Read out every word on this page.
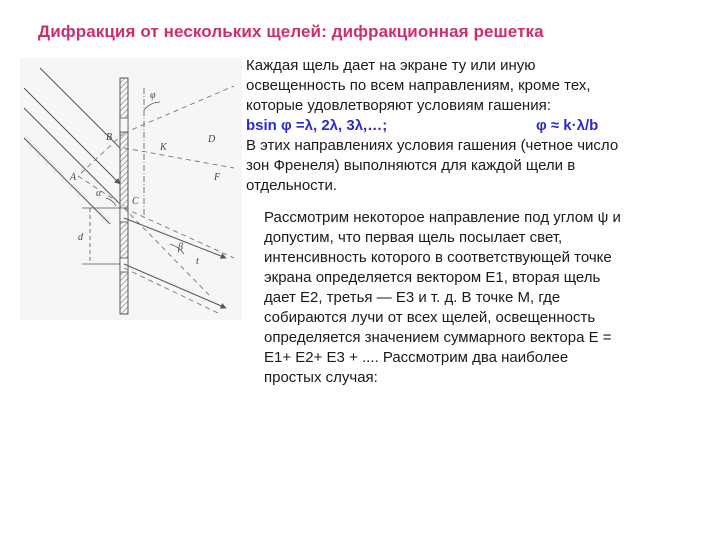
Дифракция от нескольких щелей: дифракционная решетка
B
A
C
D
F
K
t
d
φ
α
β
Каждая щель дает на экране ту или иную
освещенность по всем направлениям, кроме тех,
которые удовлетворяют условиям гашения:
bsin φ =λ, 2λ, 3λ,…;	φ ≈ k·λ/b
В этих направлениях условия гашения (четное число
зон Френеля) выполняются для каждой щели в
отдельности.
Рассмотрим некоторое направление под углом ψ и
допустим, что первая щель посылает свет,
интенсивность которого в соответствующей точке
экрана определяется вектором E1, вторая щель
дает E2, третья — E3 и т. д. В точке M, где
собираются лучи от всех щелей, освещенность
определяется значением суммарного вектора E =
E1+ E2+ E3 + .... Рассмотрим два наиболее
простых случая:
